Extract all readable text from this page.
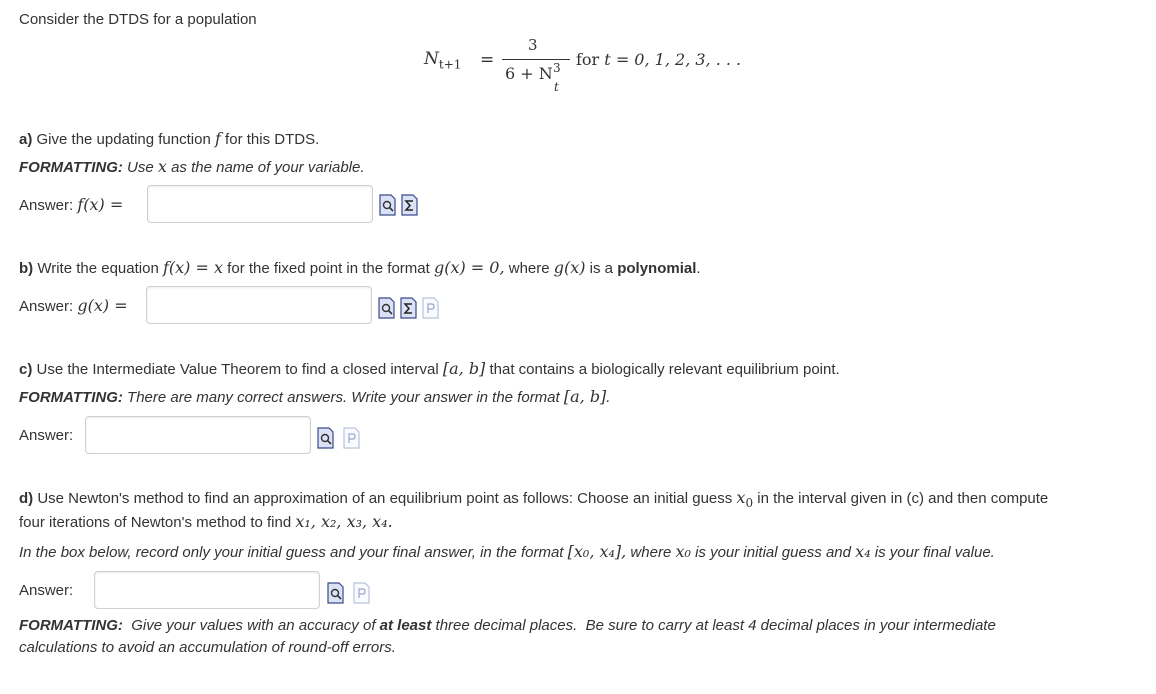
Consider the DTDS for a population
$N_{t+1}$ =
3
6 + N 3
t
for t = 0, 1, 2, 3, . . .
a) Give the updating function f for this DTDS.
FORMATTING: Use x as the name of your variable.
Answer: f(x) =
b) Write the equation f(x) = x for the fixed point in the format g(x) = 0, where g(x) is a polynomial.
Answer: g(x) =
c) Use the Intermediate Value Theorem to find a closed interval [a, b] that contains a biologically relevant equilibrium point.
FORMATTING: There are many correct answers. Write your answer in the format [a, b].
Answer:
d) Use Newton's method to find an approximation of an equilibrium point as follows: Choose an initial guess $x_0$ in the interval given in (c) and then compute
four iterations of Newton's method to find x₁, x₂, x₃, x₄.
In the box below, record only your initial guess and your final answer, in the format [x₀, x₄], where x₀ is your initial guess and x₄ is your final value.
Answer:
FORMATTING:  Give your values with an accuracy of at least three decimal places.  Be sure to carry at least 4 decimal places in your intermediate
calculations to avoid an accumulation of round-off errors.
